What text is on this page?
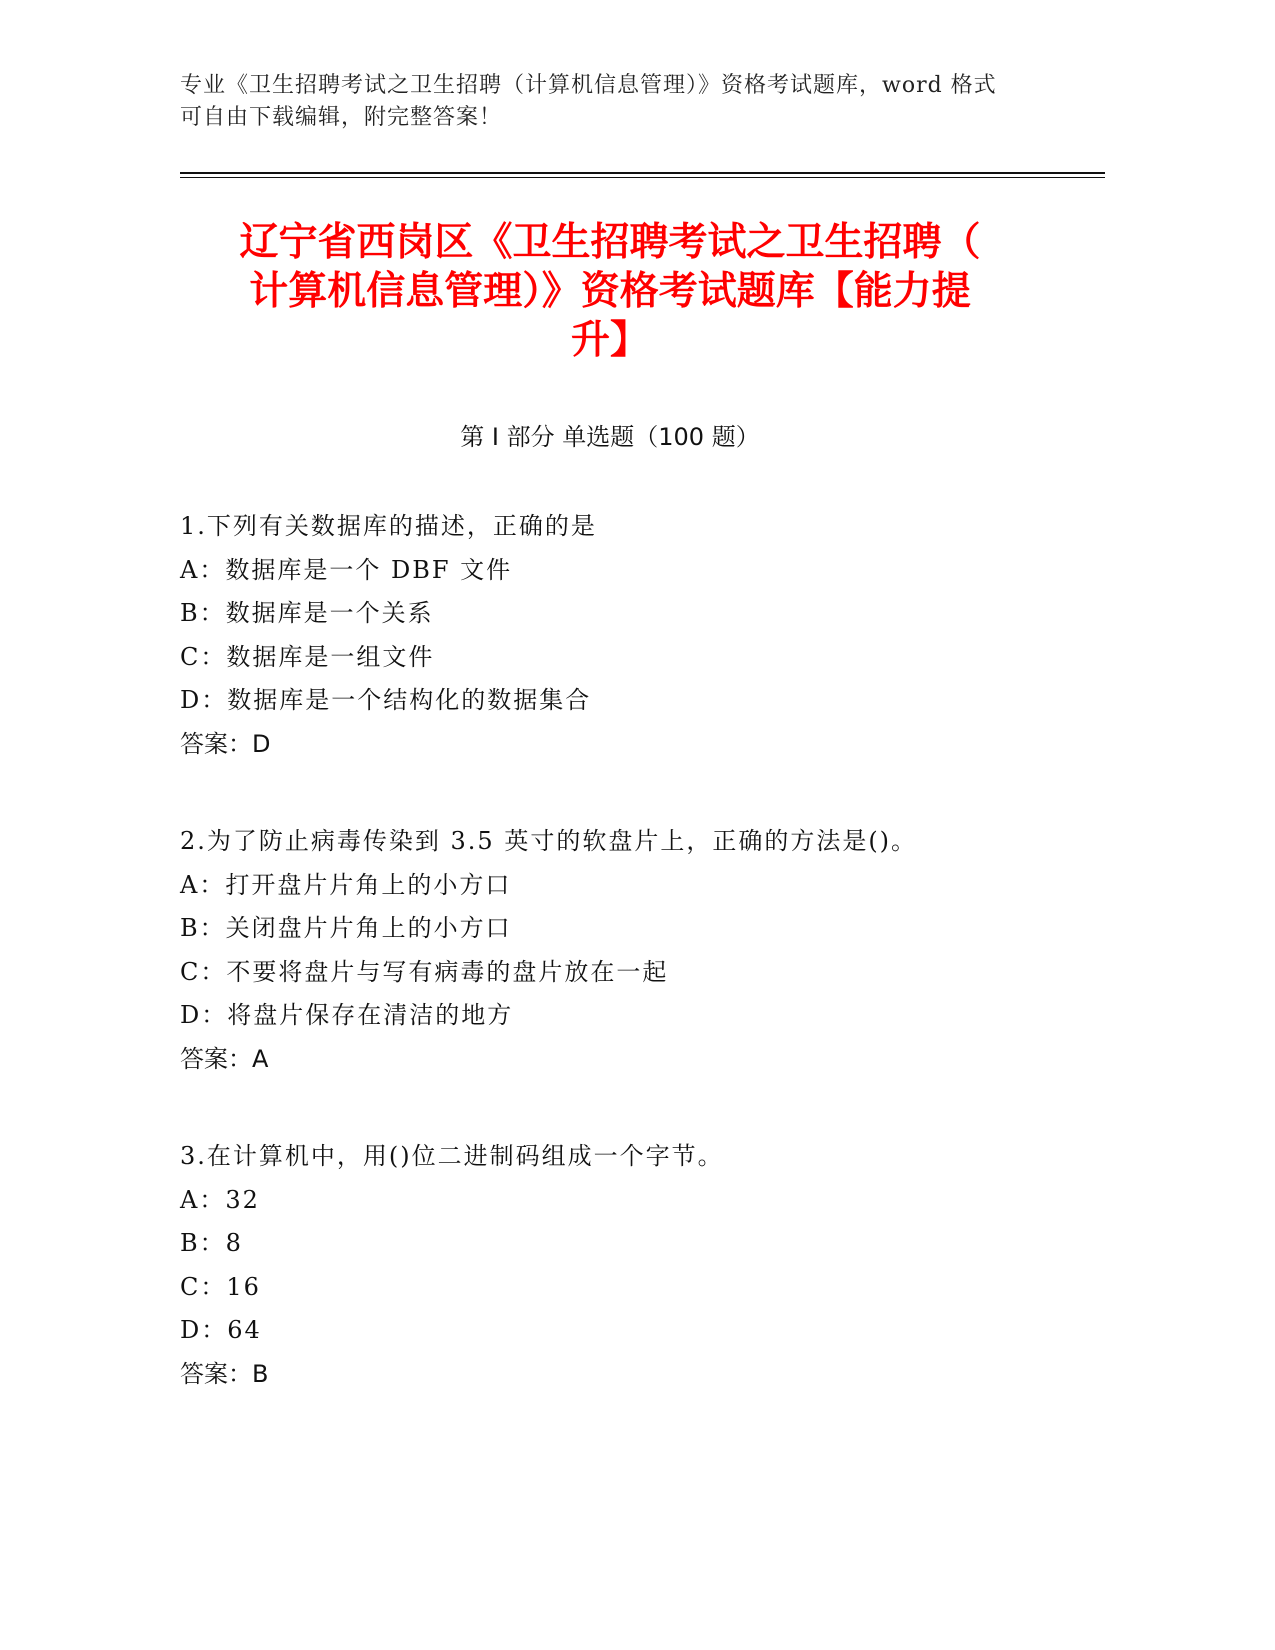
专业《卫生招聘考试之卫生招聘（计算机信息管理）》资格考试题库，word 格式
可自由下载编辑，附完整答案！
辽宁省西岗区《卫生招聘考试之卫生招聘（
计算机信息管理）》资格考试题库【能力提
升】
第 I 部分 单选题（100 题）
1.下列有关数据库的描述，正确的是
A：数据库是一个 DBF 文件
B：数据库是一个关系
C：数据库是一组文件
D：数据库是一个结构化的数据集合
答案：D
2.为了防止病毒传染到 3.5 英寸的软盘片上，正确的方法是()。
A：打开盘片片角上的小方口
B：关闭盘片片角上的小方口
C：不要将盘片与写有病毒的盘片放在一起
D：将盘片保存在清洁的地方
答案：A
3.在计算机中，用()位二进制码组成一个字节。
A：32
B：8
C：16
D：64
答案：B
